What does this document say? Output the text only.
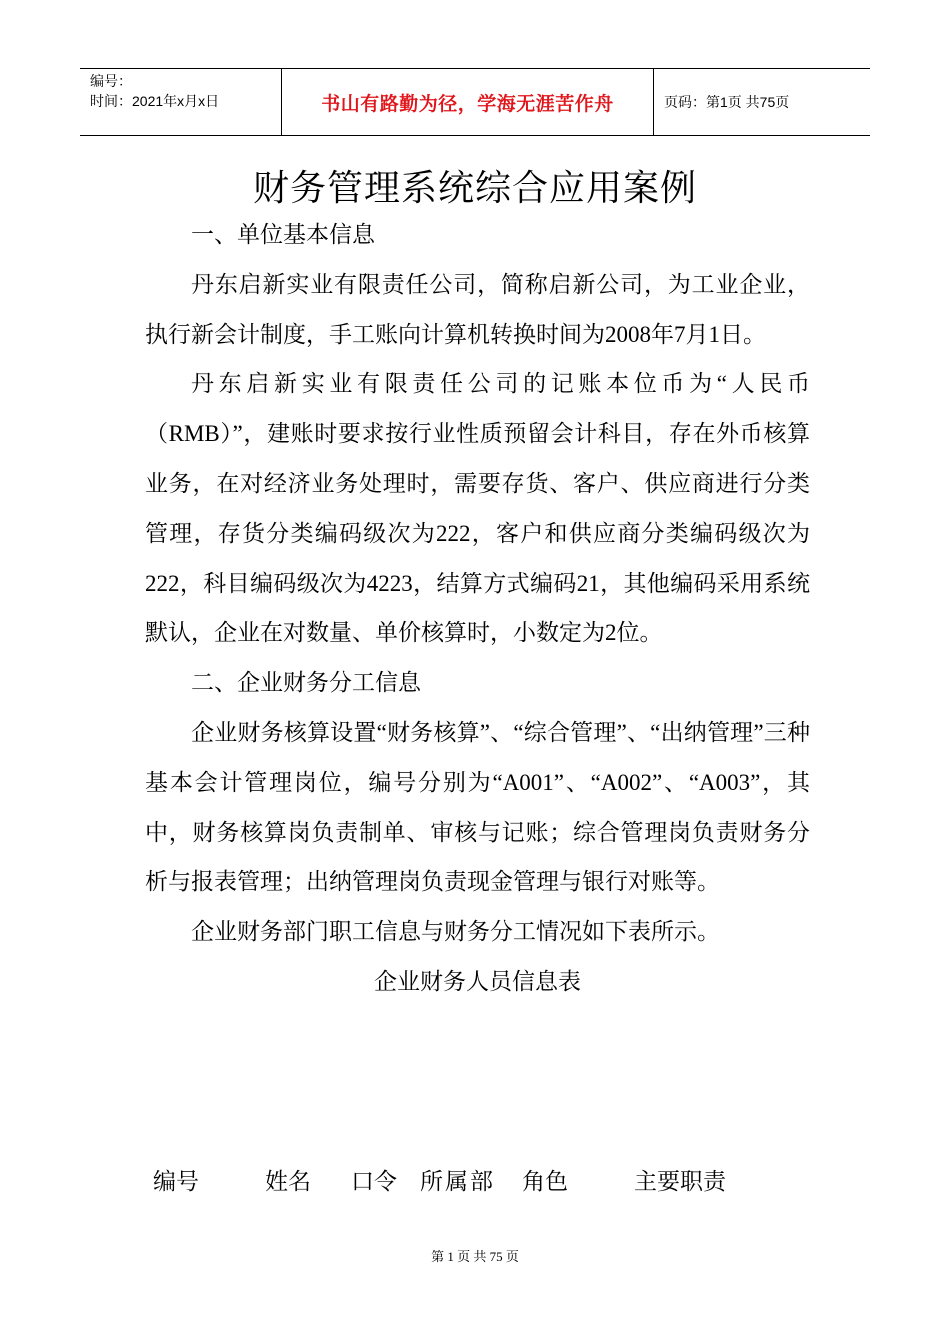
编号：
时间：2021年x月x日	书山有路勤为径，学海无涯苦作舟	页码：第1页 共75页
财务管理系统综合应用案例

一、单位基本信息

丹东启新实业有限责任公司，简称启新公司，为工业企业，执行新会计制度，手工账向计算机转换时间为2008年7月1日。

丹东启新实业有限责任公司的记账本位币为“人民币（RMB）”，建账时要求按行业性质预留会计科目，存在外币核算业务，在对经济业务处理时，需要存货、客户、供应商进行分类管理，存货分类编码级次为222，客户和供应商分类编码级次为222，科目编码级次为4223，结算方式编码21，其他编码采用系统默认，企业在对数量、单价核算时，小数定为2位。

二、企业财务分工信息

企业财务核算设置“财务核算”、“综合管理”、“出纳管理”三种基本会计管理岗位，编号分别为“A001”、“A002”、“A003”，其中，财务核算岗负责制单、审核与记账；综合管理岗负责财务分析与报表管理；出纳管理岗负责现金管理与银行对账等。

企业财务部门职工信息与财务分工情况如下表所示。

企业财务人员信息表

编号	姓名 口令 所属部 角色	主要职责
第 1 页 共 75 页
